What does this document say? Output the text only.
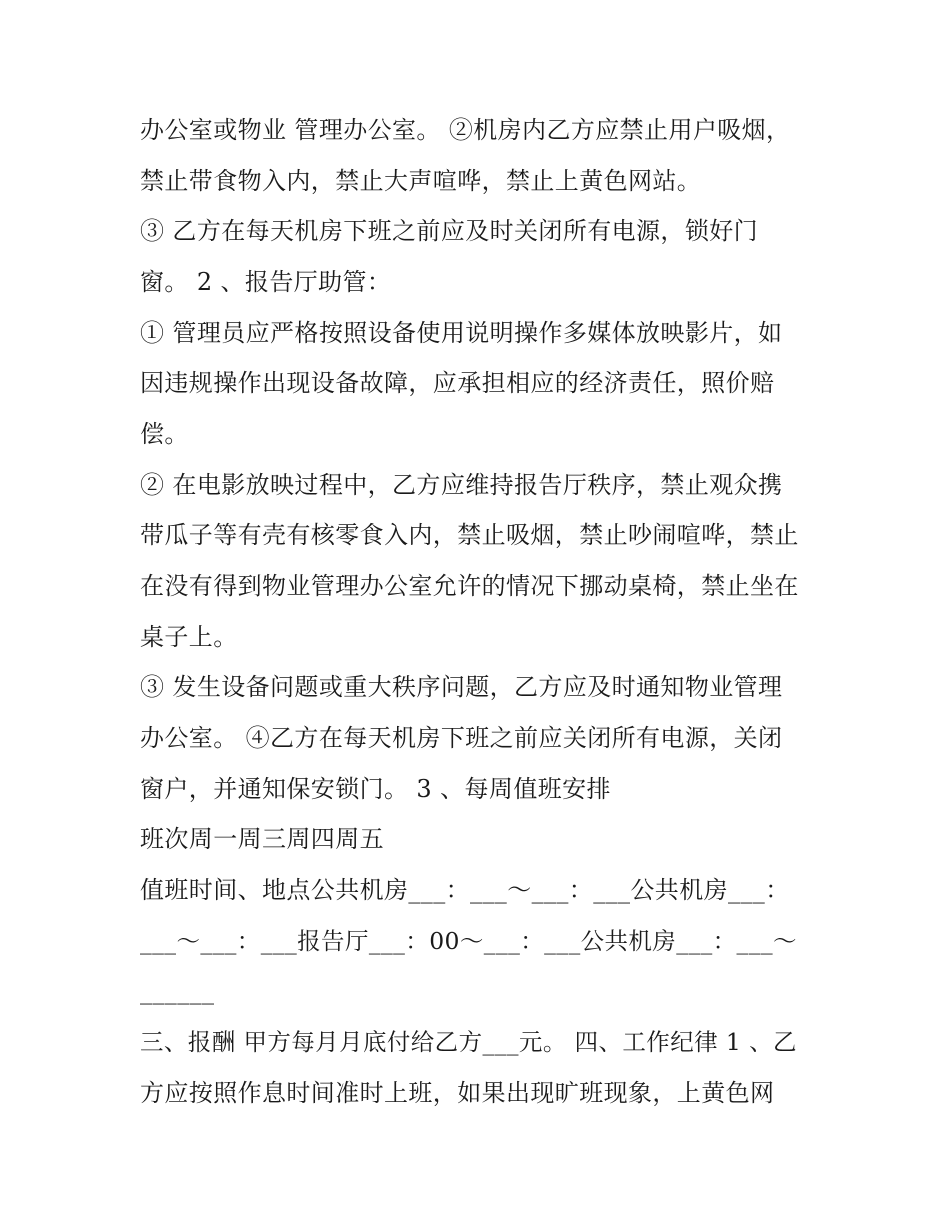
办公室或物业 管理办公室。 ②机房内乙方应禁止用户吸烟，
禁止带食物入内，禁止大声喧哗，禁止上黄色网站。
③ 乙方在每天机房下班之前应及时关闭所有电源，锁好门
窗。 2 、报告厅助管：
① 管理员应严格按照设备使用说明操作多媒体放映影片，如
因违规操作出现设备故障，应承担相应的经济责任，照价赔
偿。
② 在电影放映过程中，乙方应维持报告厅秩序，禁止观众携
带瓜子等有壳有核零食入内，禁止吸烟，禁止吵闹喧哗，禁止
在没有得到物业管理办公室允许的情况下挪动桌椅，禁止坐在
桌子上。
③ 发生设备问题或重大秩序问题，乙方应及时通知物业管理
办公室。 ④乙方在每天机房下班之前应关闭所有电源，关闭
窗户，并通知保安锁门。 3 、每周值班安排
班次周一周三周四周五
值班时间、地点公共机房___：___～___：___公共机房___：
___～___：___报告厅___：00～___：___公共机房___：___～
______
三、报酬 甲方每月月底付给乙方___元。 四、工作纪律 1 、乙
方应按照作息时间准时上班，如果出现旷班现象，上黄色网
